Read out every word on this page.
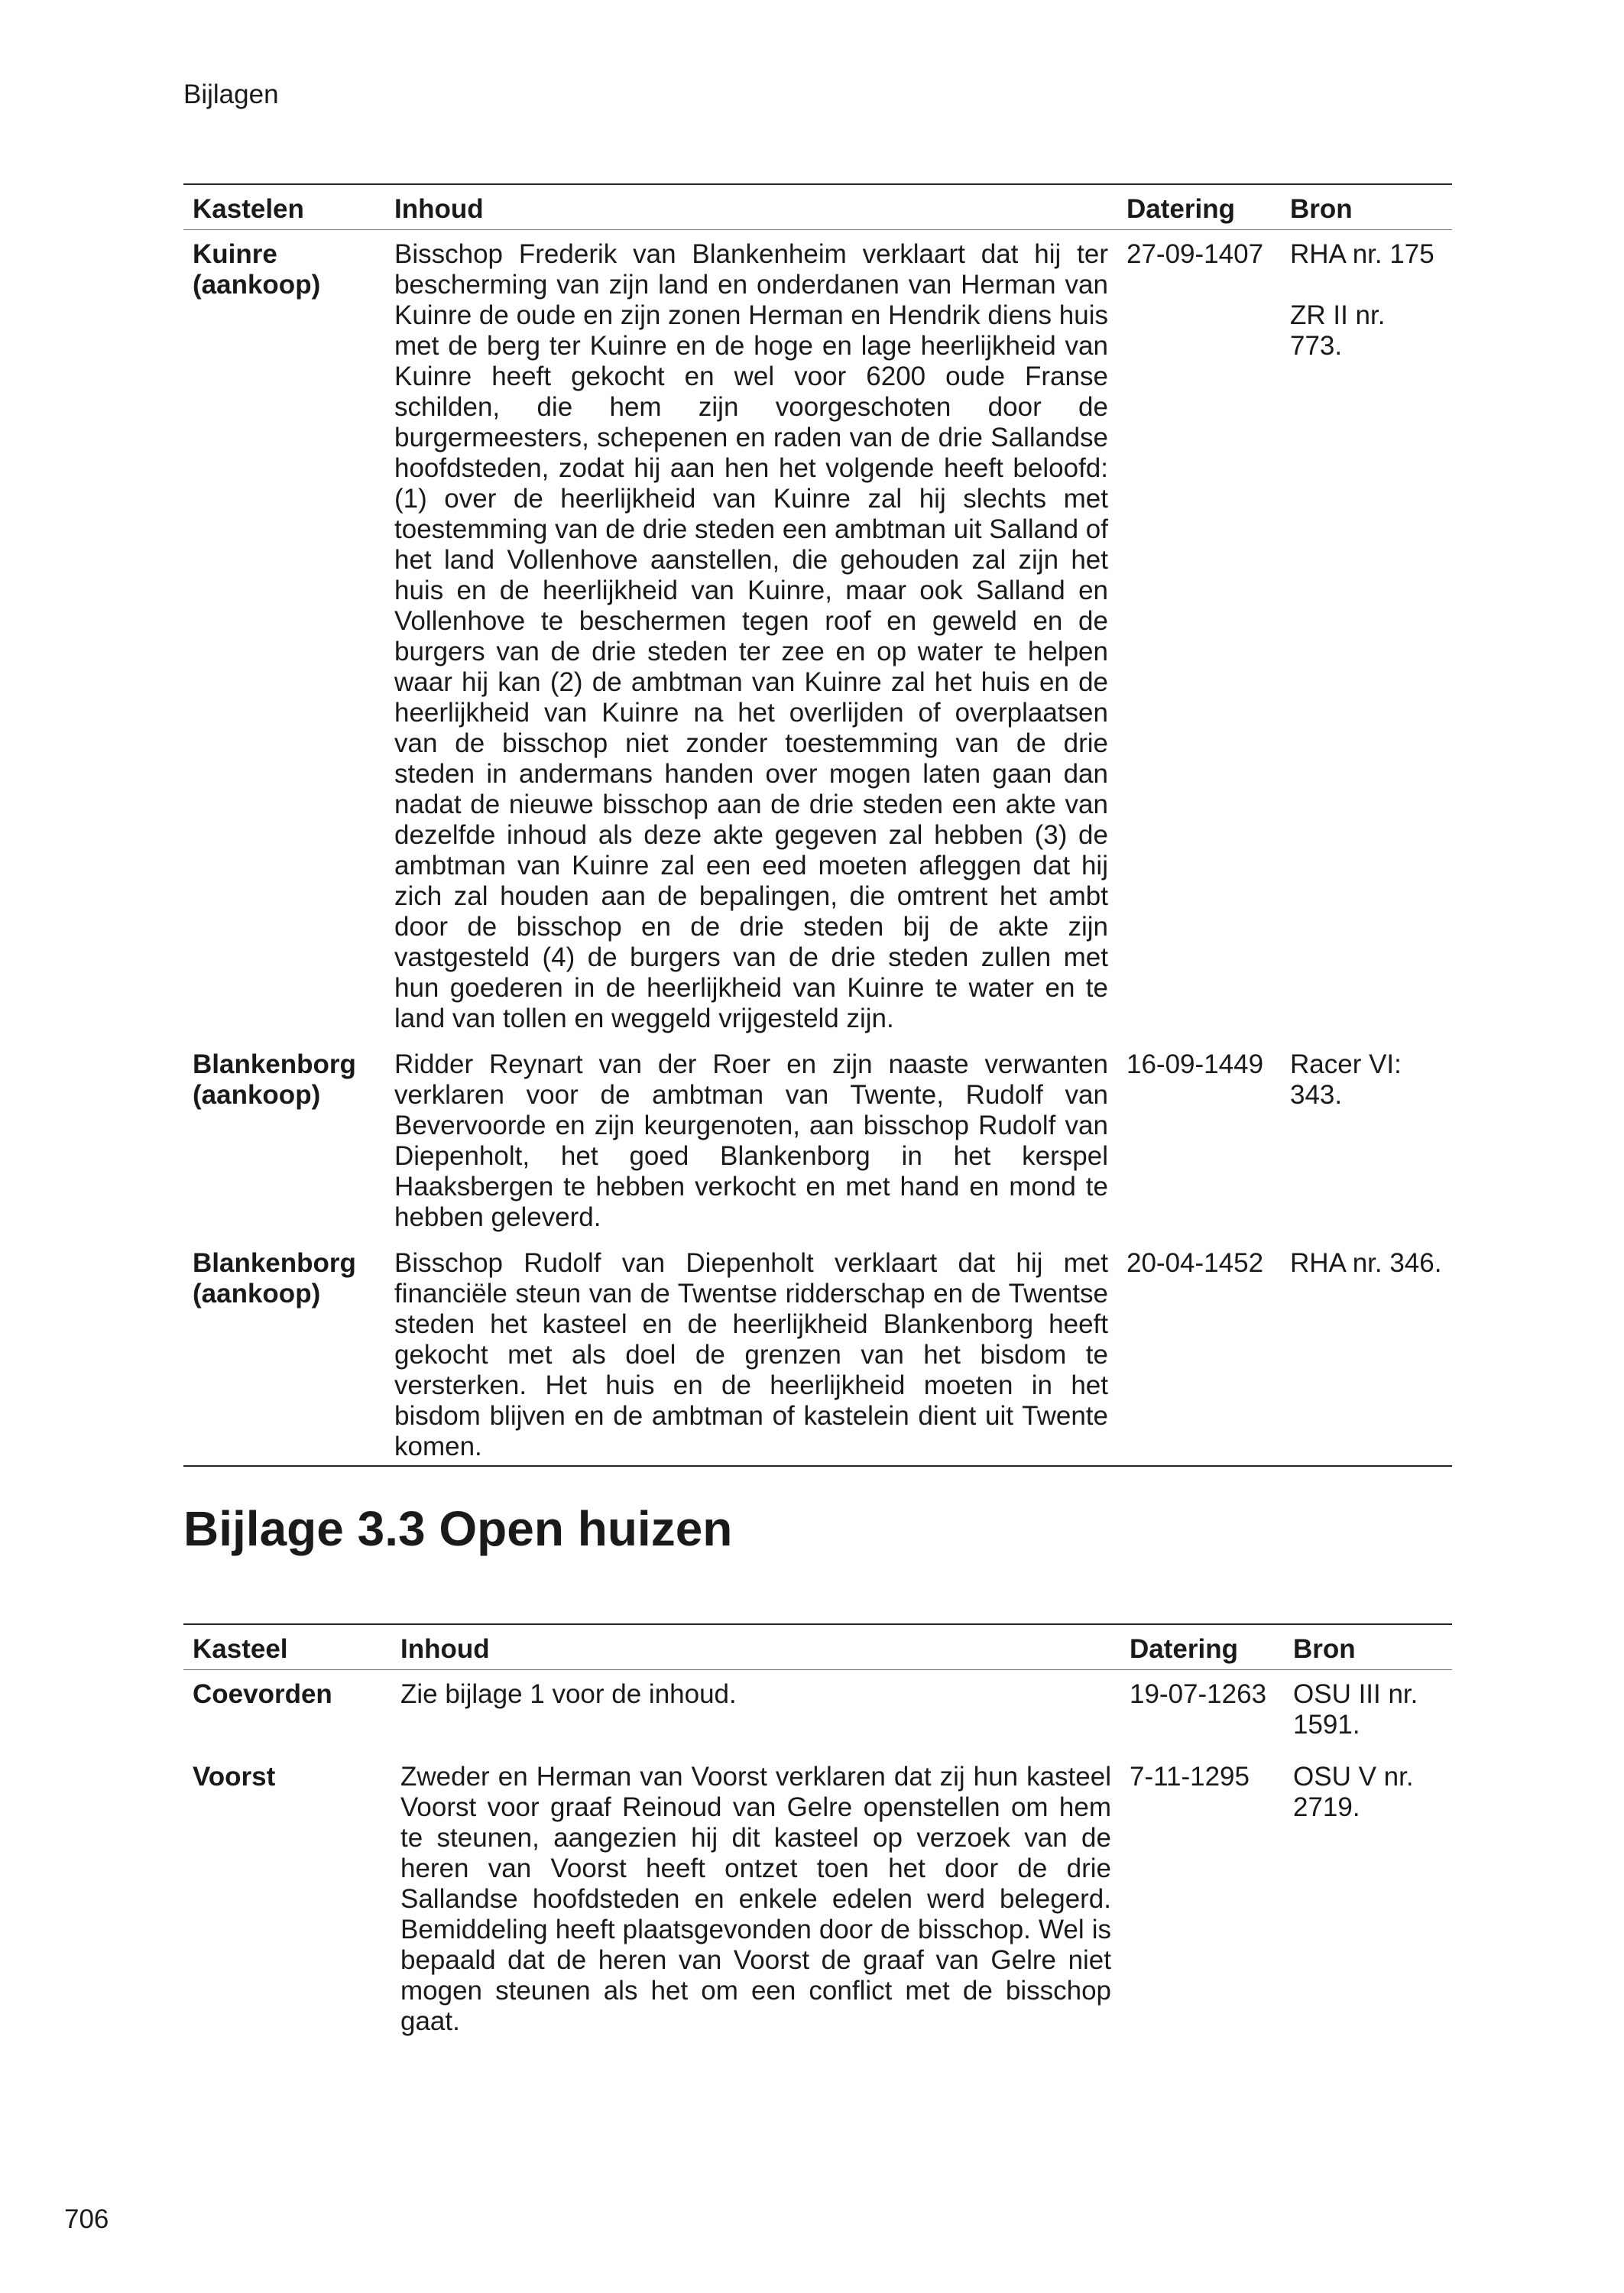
Bijlagen
Kastelen	Inhoud	Datering	Bron

Kuinre
(aankoop)	Bisschop Frederik van Blankenheim verklaart dat hij ter bescherming van zijn land en onderdanen van Herman van Kuinre de oude en zijn zonen Herman en Hendrik diens huis met de berg ter Kuinre en de hoge en lage heerlijkheid van Kuinre heeft gekocht en wel voor 6200 oude Franse schilden, die hem zijn voorgeschoten door de burgermeesters, schepenen en raden van de drie Sallandse hoofdsteden, zodat hij aan hen het volgende heeft beloofd: (1) over de heerlijkheid van Kuinre zal hij slechts met toestemming van de drie steden een ambtman uit Salland of het land Vollenhove aanstellen, die gehouden zal zijn het huis en de heerlijkheid van Kuinre, maar ook Salland en Vollenhove te beschermen tegen roof en geweld en de burgers van de drie steden ter zee en op water te helpen waar hij kan (2) de ambtman van Kuinre zal het huis en de heerlijkheid van Kuinre na het overlijden of overplaatsen van de bisschop niet zonder toestemming van de drie steden in andermans handen over mogen laten gaan dan nadat de nieuwe bisschop aan de drie steden een akte van dezelfde inhoud als deze akte gegeven zal hebben (3) de ambtman van Kuinre zal een eed moeten afleggen dat hij zich zal houden aan de bepalingen, die omtrent het ambt door de bisschop en de drie steden bij de akte zijn vastgesteld (4) de burgers van de drie steden zullen met hun goederen in de heerlijkheid van Kuinre te water en te land van tollen en weggeld vrijgesteld zijn.	27-09-1407	RHA nr. 175
ZR II nr. 773.

Blankenborg
(aankoop)	Ridder Reynart van der Roer en zijn naaste verwanten verklaren voor de ambtman van Twente, Rudolf van Bevervoorde en zijn keurgenoten, aan bisschop Rudolf van Diepenholt, het goed Blankenborg in het kerspel Haaksbergen te hebben verkocht en met hand en mond te hebben geleverd.	16-09-1449	Racer VI: 343.

Blankenborg
(aankoop)	Bisschop Rudolf van Diepenholt verklaart dat hij met financiële steun van de Twentse ridderschap en de Twentse steden het kasteel en de heerlijkheid Blankenborg heeft gekocht met als doel de grenzen van het bisdom te versterken. Het huis en de heerlijkheid moeten in het bisdom blijven en de ambtman of kastelein dient uit Twente komen.	20-04-1452	RHA nr. 346.
Bijlage 3.3 Open huizen
Kasteel	Inhoud	Datering	Bron
Coevorden	Zie bijlage 1 voor de inhoud.	19-07-1263	OSU III nr. 1591.
Voorst	Zweder en Herman van Voorst verklaren dat zij hun kasteel Voorst voor graaf Reinoud van Gelre openstellen om hem te steunen, aangezien hij dit kasteel op verzoek van de heren van Voorst heeft ontzet toen het door de drie Sallandse hoofdsteden en enkele edelen werd belegerd. Bemiddeling heeft plaatsgevonden door de bisschop. Wel is bepaald dat de heren van Voorst de graaf van Gelre niet mogen steunen als het om een conflict met de bisschop gaat.	7-11-1295	OSU V nr. 2719.
706
